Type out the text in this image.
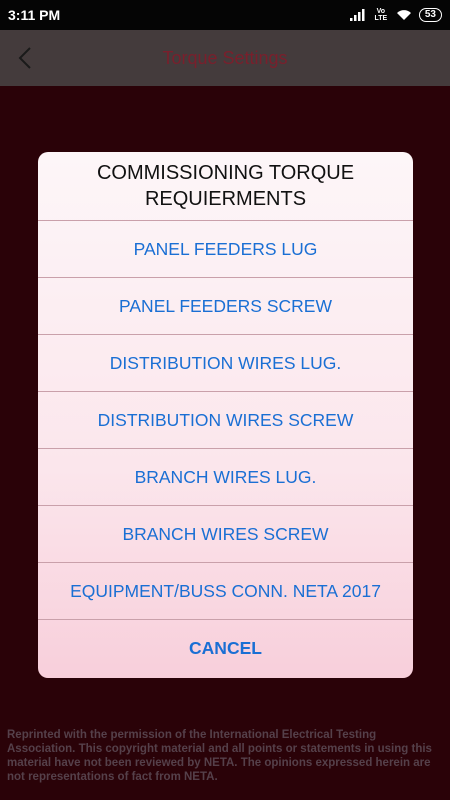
3:11 PM	Vo LTE	53
Torque Settings
Reprinted with the permission of the International Electrical Testing Association. This copyright material and all points or statements in using this material have not been reviewed by NETA. The opinions expressed herein are not representations of fact from NETA.
COMMISSIONING TORQUE
REQUIERMENTS
PANEL FEEDERS LUG
PANEL FEEDERS SCREW
DISTRIBUTION WIRES LUG.
DISTRIBUTION WIRES SCREW
BRANCH WIRES LUG.
BRANCH WIRES SCREW
EQUIPMENT/BUSS CONN. NETA 2017
CANCEL
